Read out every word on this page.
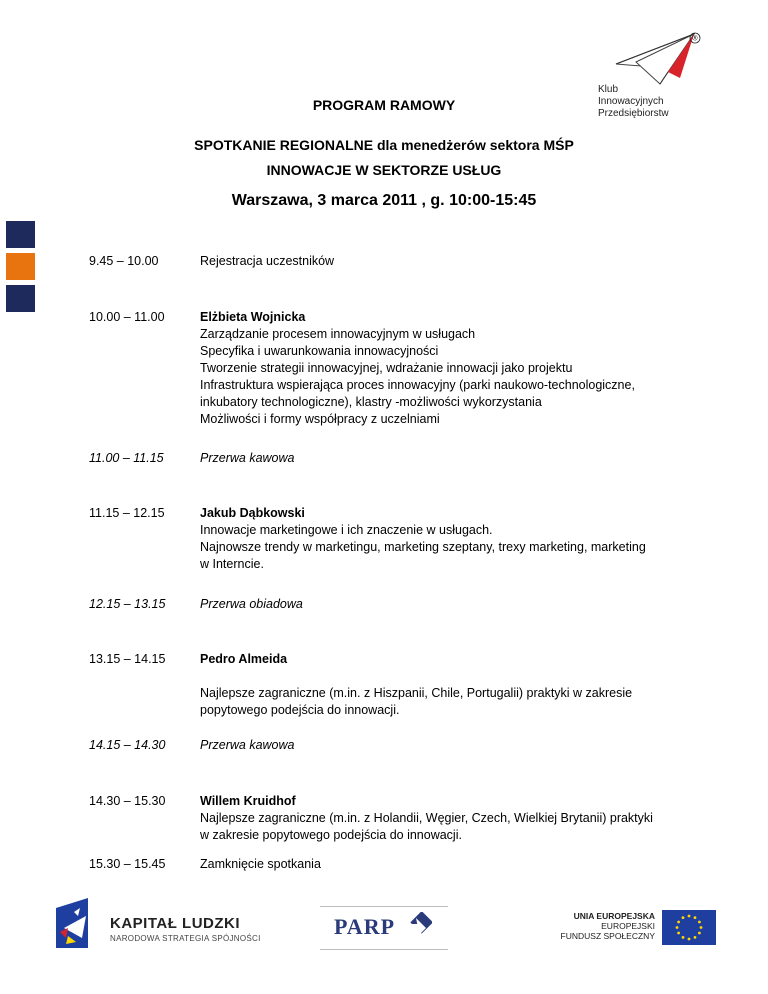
®
Klub
Innowacyjnych
Przedsiębiorstw
PROGRAM RAMOWY
SPOTKANIE REGIONALNE dla menedżerów sektora MŚP
INNOWACJE W SEKTORZE USŁUG
Warszawa, 3 marca 2011 , g. 10:00-15:45
9.45 – 10.00	Rejestracja uczestników
10.00 – 11.00	Elżbieta Wojnicka
Zarządzanie procesem innowacyjnym w usługach
Specyfika i uwarunkowania innowacyjności
Tworzenie strategii innowacyjnej, wdrażanie innowacji jako projektu
Infrastruktura wspierająca proces innowacyjny (parki naukowo-technologiczne,
inkubatory technologiczne), klastry -możliwości wykorzystania
Możliwości i formy współpracy z uczelniami
11.00 – 11.15	Przerwa kawowa
11.15 – 12.15	Jakub Dąbkowski
Innowacje marketingowe i ich znaczenie w usługach.
Najnowsze trendy w marketingu, marketing szeptany, trexy marketing, marketing
w Interncie.
12.15 – 13.15	Przerwa obiadowa
13.15 – 14.15	Pedro Almeida
Najlepsze zagraniczne (m.in. z Hiszpanii, Chile, Portugalii) praktyki w zakresie
popytowego podejścia do innowacji.
14.15 – 14.30	Przerwa kawowa
14.30 – 15.30	Willem Kruidhof
Najlepsze zagraniczne (m.in. z Holandii, Węgier, Czech, Wielkiej Brytanii) praktyki
w zakresie popytowego podejścia do innowacji.
15.30 – 15.45	Zamknięcie spotkania
KAPITAŁ LUDZKI
NARODOWA STRATEGIA SPÓJNOŚCI	PARP	UNIA EUROPEJSKA
EUROPEJSKI
FUNDUSZ SPOŁECZNY
